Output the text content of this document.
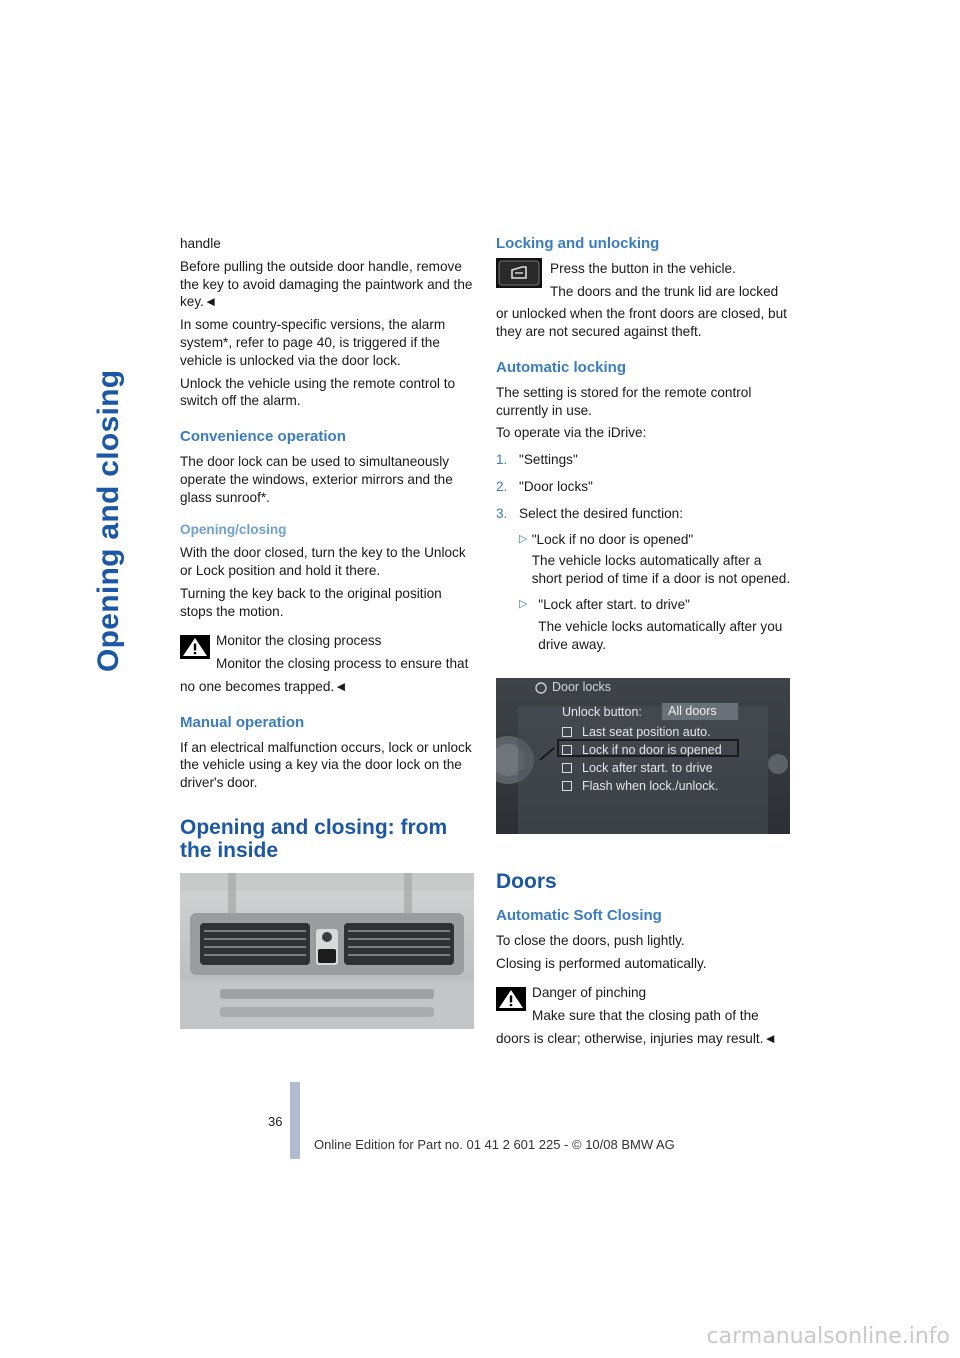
Opening and closing

handle

Before pulling the outside door handle, remove the key to avoid damaging the paintwork and the key.◄

In some country-specific versions, the alarm system*, refer to page 40, is triggered if the vehicle is unlocked via the door lock.

Unlock the vehicle using the remote control to switch off the alarm.

Convenience operation

The door lock can be used to simultaneously operate the windows, exterior mirrors and the glass sunroof*.

Opening/closing

With the door closed, turn the key to the Unlock or Lock position and hold it there.

Turning the key back to the original position stops the motion.

Monitor the closing process

Monitor the closing process to ensure that

no one becomes trapped.◄

Manual operation

If an electrical malfunction occurs, lock or unlock the vehicle using a key via the door lock on the driver's door.

Opening and closing: from the inside
Locking and unlocking

Press the button in the vehicle.

The doors and the trunk lid are locked

or unlocked when the front doors are closed, but they are not secured against theft.

Automatic locking

The setting is stored for the remote control currently in use.

To operate via the iDrive:

1. "Settings"
2. "Door locks"
3. Select the desired function:
▷ "Lock if no door is opened"
The vehicle locks automatically after a short period of time if a door is not opened.
▷ "Lock after start. to drive"
The vehicle locks automatically after you drive away.
Door locks
Unlock button:	All doors
Last seat position auto.
Lock if no door is opened
Lock after start. to drive
Flash when lock./unlock.
Doors
Automatic Soft Closing

To close the doors, push lightly.

Closing is performed automatically.

Danger of pinching

Make sure that the closing path of the

doors is clear; otherwise, injuries may result.◄

36
Online Edition for Part no. 01 41 2 601 225 - © 10/08 BMW AG
carmanualsonline.info
